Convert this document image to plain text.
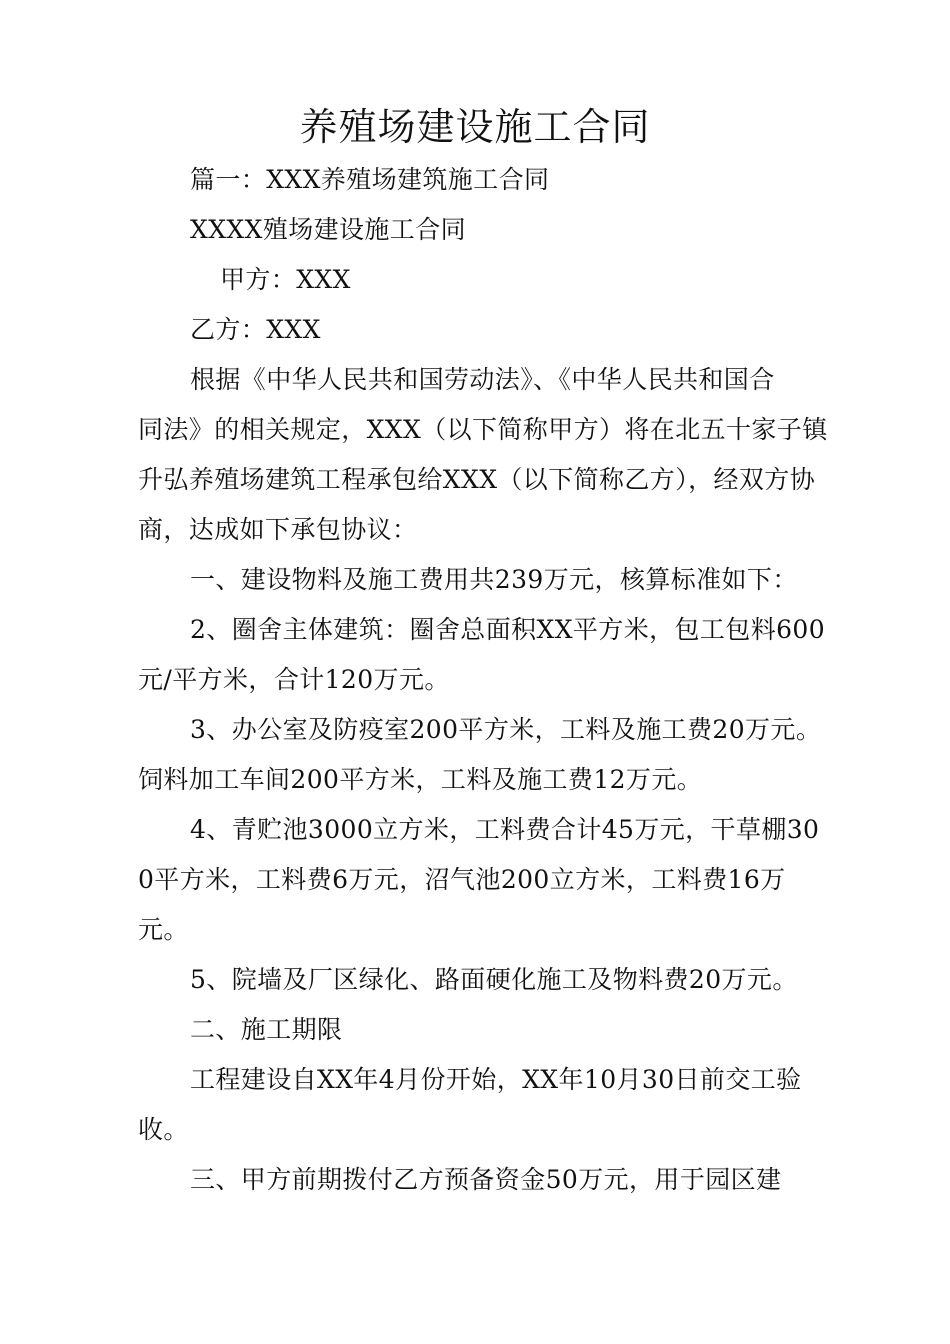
养殖场建设施工合同
篇一：XXX养殖场建筑施工合同
XXXX殖场建设施工合同
甲方：XXX
乙方：XXX
根据《中华人民共和国劳动法》、《中华人民共和国合
同法》的相关规定，XXX（以下简称甲方）将在北五十家子镇
升弘养殖场建筑工程承包给XXX（以下简称乙方），经双方协
商，达成如下承包协议：
一、建设物料及施工费用共239万元，核算标准如下：
2、圈舍主体建筑：圈舍总面积XX平方米，包工包料600
元/平方米，合计120万元。
3、办公室及防疫室200平方米，工料及施工费20万元。
饲料加工车间200平方米，工料及施工费12万元。
4、青贮池3000立方米，工料费合计45万元，干草棚30
0平方米，工料费6万元，沼气池200立方米，工料费16万
元。
5、院墙及厂区绿化、路面硬化施工及物料费20万元。
二、施工期限
工程建设自XX年4月份开始，XX年10月30日前交工验
收。
三、甲方前期拨付乙方预备资金50万元，用于园区建
